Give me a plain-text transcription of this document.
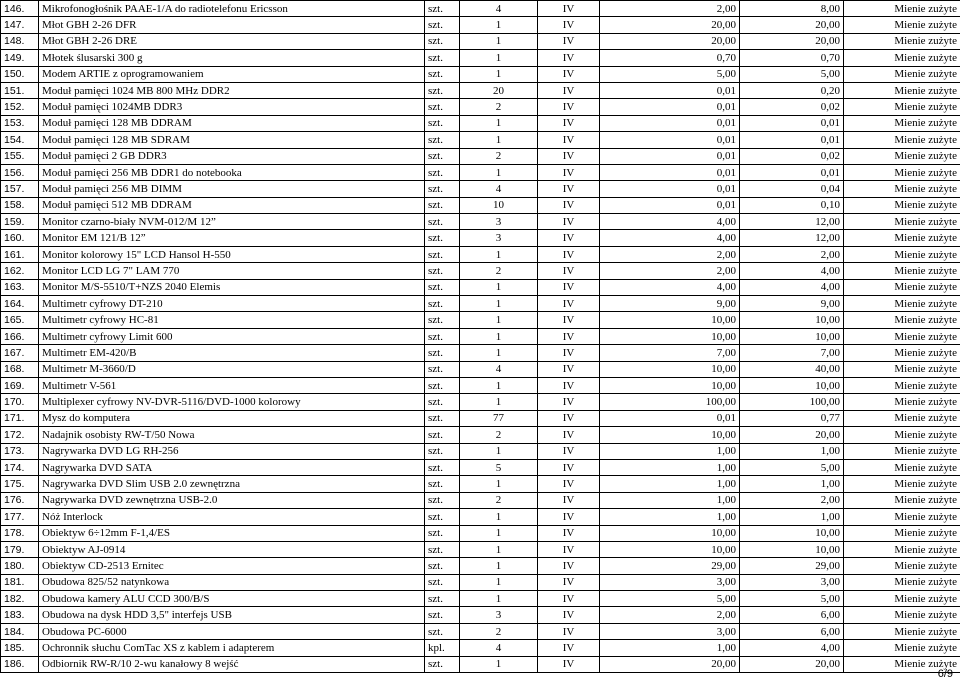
146.	Mikrofonogłośnik PAAE-1/A do radiotelefonu Ericsson	szt.	4	IV	2,00	8,00	Mienie zużyte
147.	Młot GBH 2-26 DFR	szt.	1	IV	20,00	20,00	Mienie zużyte
148.	Młot GBH 2-26 DRE	szt.	1	IV	20,00	20,00	Mienie zużyte
149.	Młotek ślusarski 300 g	szt.	1	IV	0,70	0,70	Mienie zużyte
150.	Modem ARTIE z oprogramowaniem	szt.	1	IV	5,00	5,00	Mienie zużyte
151.	Moduł pamięci 1024 MB 800 MHz DDR2	szt.	20	IV	0,01	0,20	Mienie zużyte
152.	Moduł pamięci 1024MB DDR3	szt.	2	IV	0,01	0,02	Mienie zużyte
153.	Moduł pamięci 128 MB DDRAM	szt.	1	IV	0,01	0,01	Mienie zużyte
154.	Moduł pamięci 128 MB SDRAM	szt.	1	IV	0,01	0,01	Mienie zużyte
155.	Moduł pamięci 2 GB DDR3	szt.	2	IV	0,01	0,02	Mienie zużyte
156.	Moduł pamięci 256 MB DDR1 do notebooka	szt.	1	IV	0,01	0,01	Mienie zużyte
157.	Moduł pamięci 256 MB DIMM	szt.	4	IV	0,01	0,04	Mienie zużyte
158.	Moduł pamięci 512 MB DDRAM	szt.	10	IV	0,01	0,10	Mienie zużyte
159.	Monitor czarno-biały NVM-012/M 12”	szt.	3	IV	4,00	12,00	Mienie zużyte
160.	Monitor EM 121/B 12”	szt.	3	IV	4,00	12,00	Mienie zużyte
161.	Monitor kolorowy 15" LCD Hansol H-550	szt.	1	IV	2,00	2,00	Mienie zużyte
162.	Monitor LCD LG 7" LAM 770	szt.	2	IV	2,00	4,00	Mienie zużyte
163.	Monitor M/S-5510/T+NZS 2040 Elemis	szt.	1	IV	4,00	4,00	Mienie zużyte
164.	Multimetr cyfrowy DT-210	szt.	1	IV	9,00	9,00	Mienie zużyte
165.	Multimetr cyfrowy HC-81	szt.	1	IV	10,00	10,00	Mienie zużyte
166.	Multimetr cyfrowy Limit 600	szt.	1	IV	10,00	10,00	Mienie zużyte
167.	Multimetr EM-420/B	szt.	1	IV	7,00	7,00	Mienie zużyte
168.	Multimetr M-3660/D	szt.	4	IV	10,00	40,00	Mienie zużyte
169.	Multimetr V-561	szt.	1	IV	10,00	10,00	Mienie zużyte
170.	Multiplexer cyfrowy NV-DVR-5116/DVD-1000 kolorowy	szt.	1	IV	100,00	100,00	Mienie zużyte
171.	Mysz do komputera	szt.	77	IV	0,01	0,77	Mienie zużyte
172.	Nadajnik osobisty RW-T/50 Nowa	szt.	2	IV	10,00	20,00	Mienie zużyte
173.	Nagrywarka DVD LG RH-256	szt.	1	IV	1,00	1,00	Mienie zużyte
174.	Nagrywarka DVD SATA	szt.	5	IV	1,00	5,00	Mienie zużyte
175.	Nagrywarka DVD Slim USB 2.0 zewnętrzna	szt.	1	IV	1,00	1,00	Mienie zużyte
176.	Nagrywarka DVD zewnętrzna USB-2.0	szt.	2	IV	1,00	2,00	Mienie zużyte
177.	Nóż Interlock	szt.	1	IV	1,00	1,00	Mienie zużyte
178.	Obiektyw 6÷12mm F-1,4/ES	szt.	1	IV	10,00	10,00	Mienie zużyte
179.	Obiektyw AJ-0914	szt.	1	IV	10,00	10,00	Mienie zużyte
180.	Obiektyw CD-2513 Ernitec	szt.	1	IV	29,00	29,00	Mienie zużyte
181.	Obudowa 825/52 natynkowa	szt.	1	IV	3,00	3,00	Mienie zużyte
182.	Obudowa kamery ALU CCD 300/B/S	szt.	1	IV	5,00	5,00	Mienie zużyte
183.	Obudowa na dysk HDD 3,5" interfejs USB	szt.	3	IV	2,00	6,00	Mienie zużyte
184.	Obudowa PC-6000	szt.	2	IV	3,00	6,00	Mienie zużyte
185.	Ochronnik słuchu ComTac XS z kablem i adapterem	kpl.	4	IV	1,00	4,00	Mienie zużyte
186.	Odbiornik RW-R/10 2-wu kanałowy 8 wejść	szt.	1	IV	20,00	20,00	Mienie zużyte
6/9
